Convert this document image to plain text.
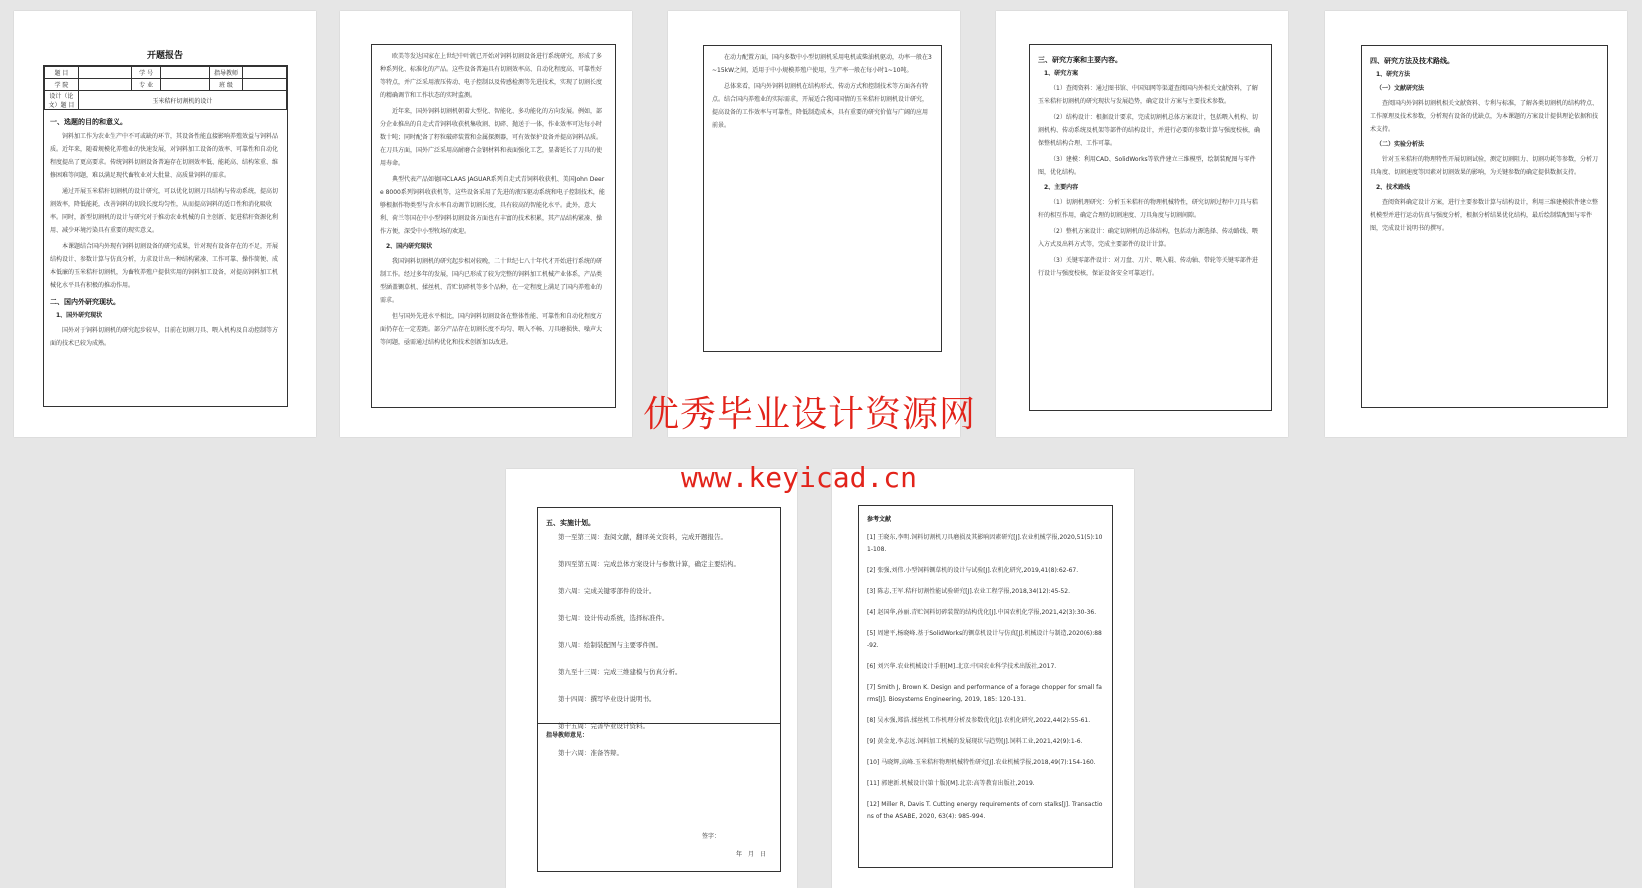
开题报告
题 目		学 号		指导教师	
学 院		专 业		班 级	
设计（论文）题 目	玉米秸秆切割机的设计				
一、选题的目的和意义。

饲料加工作为农业生产中不可或缺的环节，其设备性能直接影响养殖效益与饲料品质。近年来，随着规模化养殖业的快速发展，对饲料加工设备的效率、可靠性和自动化程度提出了更高要求。传统饲料切割设备普遍存在切割效率低、能耗高、结构笨重、维修困难等问题，难以满足现代畜牧业对大批量、高质量饲料的需求。

通过开展玉米秸秆切割机的设计研究，可以优化切割刀具结构与传动系统，提高切割效率，降低能耗，改善饲料的切段长度均匀性，从而提高饲料的适口性和消化吸收率。同时，新型切割机的设计与研究对于推动农业机械的自主创新、促进秸秆资源化利用、减少环境污染具有重要的现实意义。

本课题结合国内外现有饲料切割设备的研究成果，针对现有设备存在的不足，开展结构设计、参数计算与仿真分析，力求设计出一种结构紧凑、工作可靠、操作简便、成本低廉的玉米秸秆切割机，为畜牧养殖户提供实用的饲料加工设备，对提高饲料加工机械化水平具有积极的推动作用。

二、国内外研究现状。
1、国外研究现状

国外对于饲料切割机的研究起步较早，目前在切割刀具、喂入机构及自动控制等方面的技术已较为成熟。

欧美等发达国家在上世纪中叶就已开始对饲料切割设备进行系统研究，形成了多种系列化、标准化的产品。这些设备普遍具有切割效率高、自动化程度高、可靠性好等特点，并广泛采用液压传动、电子控制以及传感检测等先进技术，实现了切割长度的精确调节和工作状态的实时监测。

近年来，国外饲料切割机朝着大型化、智能化、多功能化的方向发展。例如，部分企业推出的自走式青饲料收获机集收割、切碎、抛送于一体，作业效率可达每小时数十吨；同时配备了籽粒破碎装置和金属探测器，可有效保护设备并提高饲料品质。在刀具方面，国外广泛采用高耐磨合金钢材料和表面强化工艺，显著延长了刀具的使用寿命。

典型代表产品如德国CLAAS JAGUAR系列自走式青饲料收获机、美国John Deere 8000系列饲料收获机等，这些设备采用了先进的液压驱动系统和电子控制技术，能够根据作物类型与含水率自动调节切割长度，具有较高的智能化水平。此外，意大利、荷兰等国在中小型饲料切割设备方面也有丰富的技术积累，其产品结构紧凑、操作方便，深受中小型牧场的欢迎。

2、国内研究现状

我国饲料切割机的研究起步相对较晚，二十世纪七八十年代才开始进行系统的研制工作。经过多年的发展，国内已形成了较为完整的饲料加工机械产业体系，产品类型涵盖铡草机、揉丝机、青贮切碎机等多个品种，在一定程度上满足了国内养殖业的需求。

但与国外先进水平相比，国内饲料切割设备在整体性能、可靠性和自动化程度方面仍存在一定差距。部分产品存在切割长度不均匀、喂入不畅、刀具磨损快、噪声大等问题，亟需通过结构优化和技术创新加以改进。

在动力配置方面，国内多数中小型切割机采用电机或柴油机驱动，功率一般在3~15kW之间，适用于中小规模养殖户使用，生产率一般在每小时1~10吨。

总体来看，国内外饲料切割机在结构形式、传动方式和控制技术等方面各有特点。结合国内养殖业的实际需求，开展适合我国国情的玉米秸秆切割机设计研究，提高设备的工作效率与可靠性，降低制造成本，具有重要的研究价值与广阔的应用前景。

三、研究方案和主要内容。
1、研究方案

（1）查阅资料：通过图书馆、中国知网等渠道查阅国内外相关文献资料，了解玉米秸秆切割机的研究现状与发展趋势，确定设计方案与主要技术参数。

（2）结构设计：根据设计要求，完成切割机总体方案设计，包括喂入机构、切割机构、传动系统及机架等部件的结构设计，并进行必要的参数计算与强度校核，确保整机结构合理、工作可靠。

（3）建模：利用CAD、SolidWorks等软件建立三维模型，绘制装配图与零件图，优化结构。

2、主要内容

（1）切割机理研究：分析玉米秸秆的物理机械特性，研究切割过程中刀具与秸秆的相互作用，确定合理的切割速度、刀具角度与切割间隙。

（2）整机方案设计：确定切割机的总体结构，包括动力源选择、传动路线、喂入方式及出料方式等，完成主要部件的设计计算。

（3）关键零部件设计：对刀盘、刀片、喂入辊、传动轴、带轮等关键零部件进行设计与强度校核，保证设备安全可靠运行。

四、研究方法及技术路线。
1、研究方法
（一）文献研究法

查阅国内外饲料切割机相关文献资料、专利与标准，了解各类切割机的结构特点、工作原理及技术参数，分析现有设备的优缺点，为本课题的方案设计提供理论依据和技术支持。

（二）实验分析法

针对玉米秸秆的物理特性开展切割试验，测定切割阻力、切割功耗等参数，分析刀具角度、切割速度等因素对切割效果的影响，为关键参数的确定提供数据支持。

2、技术路线

查阅资料确定设计方案，进行主要参数计算与结构设计，利用三维建模软件建立整机模型并进行运动仿真与强度分析，根据分析结果优化结构，最后绘制装配图与零件图，完成设计说明书的撰写。

五、实施计划。
第一至第三周：查阅文献，翻译英文资料，完成开题报告。
第四至第五周：完成总体方案设计与参数计算，确定主要结构。
第六周：完成关键零部件的设计。
第七周：设计传动系统，选择标准件。
第八周：绘制装配图与主要零件图。
第九至十三周：完成三维建模与仿真分析。
第十四周：撰写毕业设计说明书。
第十五周：完善毕业设计资料。
第十六周：准备答辩。
指导教师意见：
签字：
年　月　日
参考文献
[1] 王晓东,李明.饲料切割机刀具磨损及其影响因素研究[J].农业机械学报,2020,51(5):101-108.
[2] 张强,刘伟.小型饲料铡草机的设计与试验[J].农机化研究,2019,41(8):62-67.
[3] 陈志,王军.秸秆切割性能试验研究[J].农业工程学报,2018,34(12):45-52.
[4] 赵国华,孙丽.青贮饲料切碎装置的结构优化[J].中国农机化学报,2021,42(3):30-36.
[5] 周建平,杨晓峰.基于SolidWorks的铡草机设计与仿真[J].机械设计与制造,2020(6):88-92.
[6] 刘兴华.农业机械设计手册[M].北京:中国农业科学技术出版社,2017.
[7] Smith J, Brown K. Design and performance of a forage chopper for small farms[J]. Biosystems Engineering, 2019, 185: 120-131.
[8] 吴永强,郑浩.揉丝机工作机理分析及参数优化[J].农机化研究,2022,44(2):55-61.
[9] 黄金龙,李志远.饲料加工机械的发展现状与趋势[J].饲料工业,2021,42(9):1-6.
[10] 马晓辉,高峰.玉米秸秆物理机械特性研究[J].农业机械学报,2018,49(7):154-160.
[11] 郭建新.机械设计(第十版)[M].北京:高等教育出版社,2019.
[12] Miller R, Davis T. Cutting energy requirements of corn stalks[J]. Transactions of the ASABE, 2020, 63(4): 985-994.
优秀毕业设计资源网
www.keyicad.cn
